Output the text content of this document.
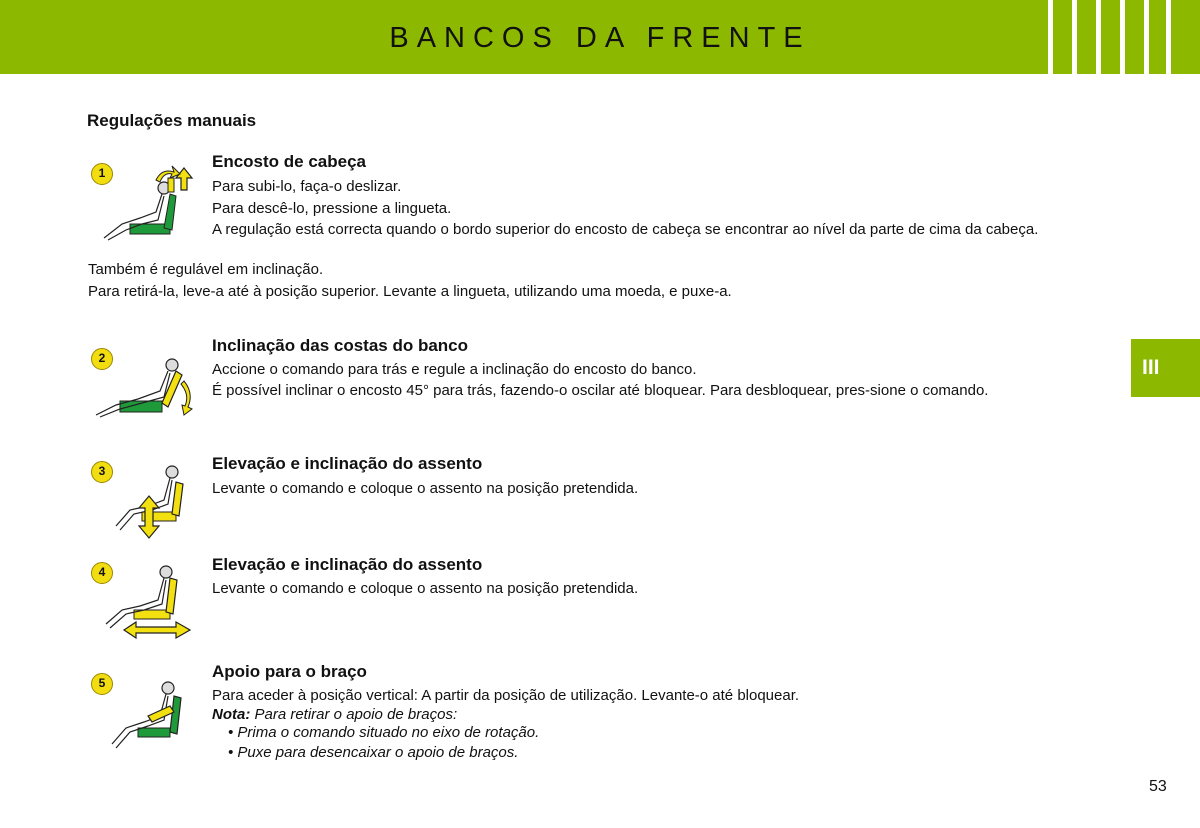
BANCOS DA FRENTE
Regulações manuais
1
Encosto de cabeça
Para subi-lo, faça-o deslizar.
Para descê-lo, pressione a lingueta.
A regulação está correcta quando o bordo superior do encosto de cabeça se encontrar ao nível da parte de cima da cabeça.
Também é regulável em inclinação.
Para retirá-la, leve-a até à posição superior. Levante a lingueta, utilizando uma moeda, e puxe-a.
2
Inclinação das costas do banco
Accione o comando para trás e regule a inclinação do encosto do banco.
É possível inclinar o encosto 45° para trás, fazendo-o oscilar até bloquear. Para desbloquear, pres-sione o comando.
3	Elevação e inclinação do assento
Levante o comando e coloque o assento na posição pretendida.
4	Elevação e inclinação do assento
Levante o comando e coloque o assento na posição pretendida.
5
Apoio para o braço
Para aceder à posição vertical: A partir da posição de utilização. Levante-o até bloquear.
Nota: Para retirar o apoio de braços:
• Prima o comando situado no eixo de rotação.
• Puxe para desencaixar o apoio de braços.
III
53
